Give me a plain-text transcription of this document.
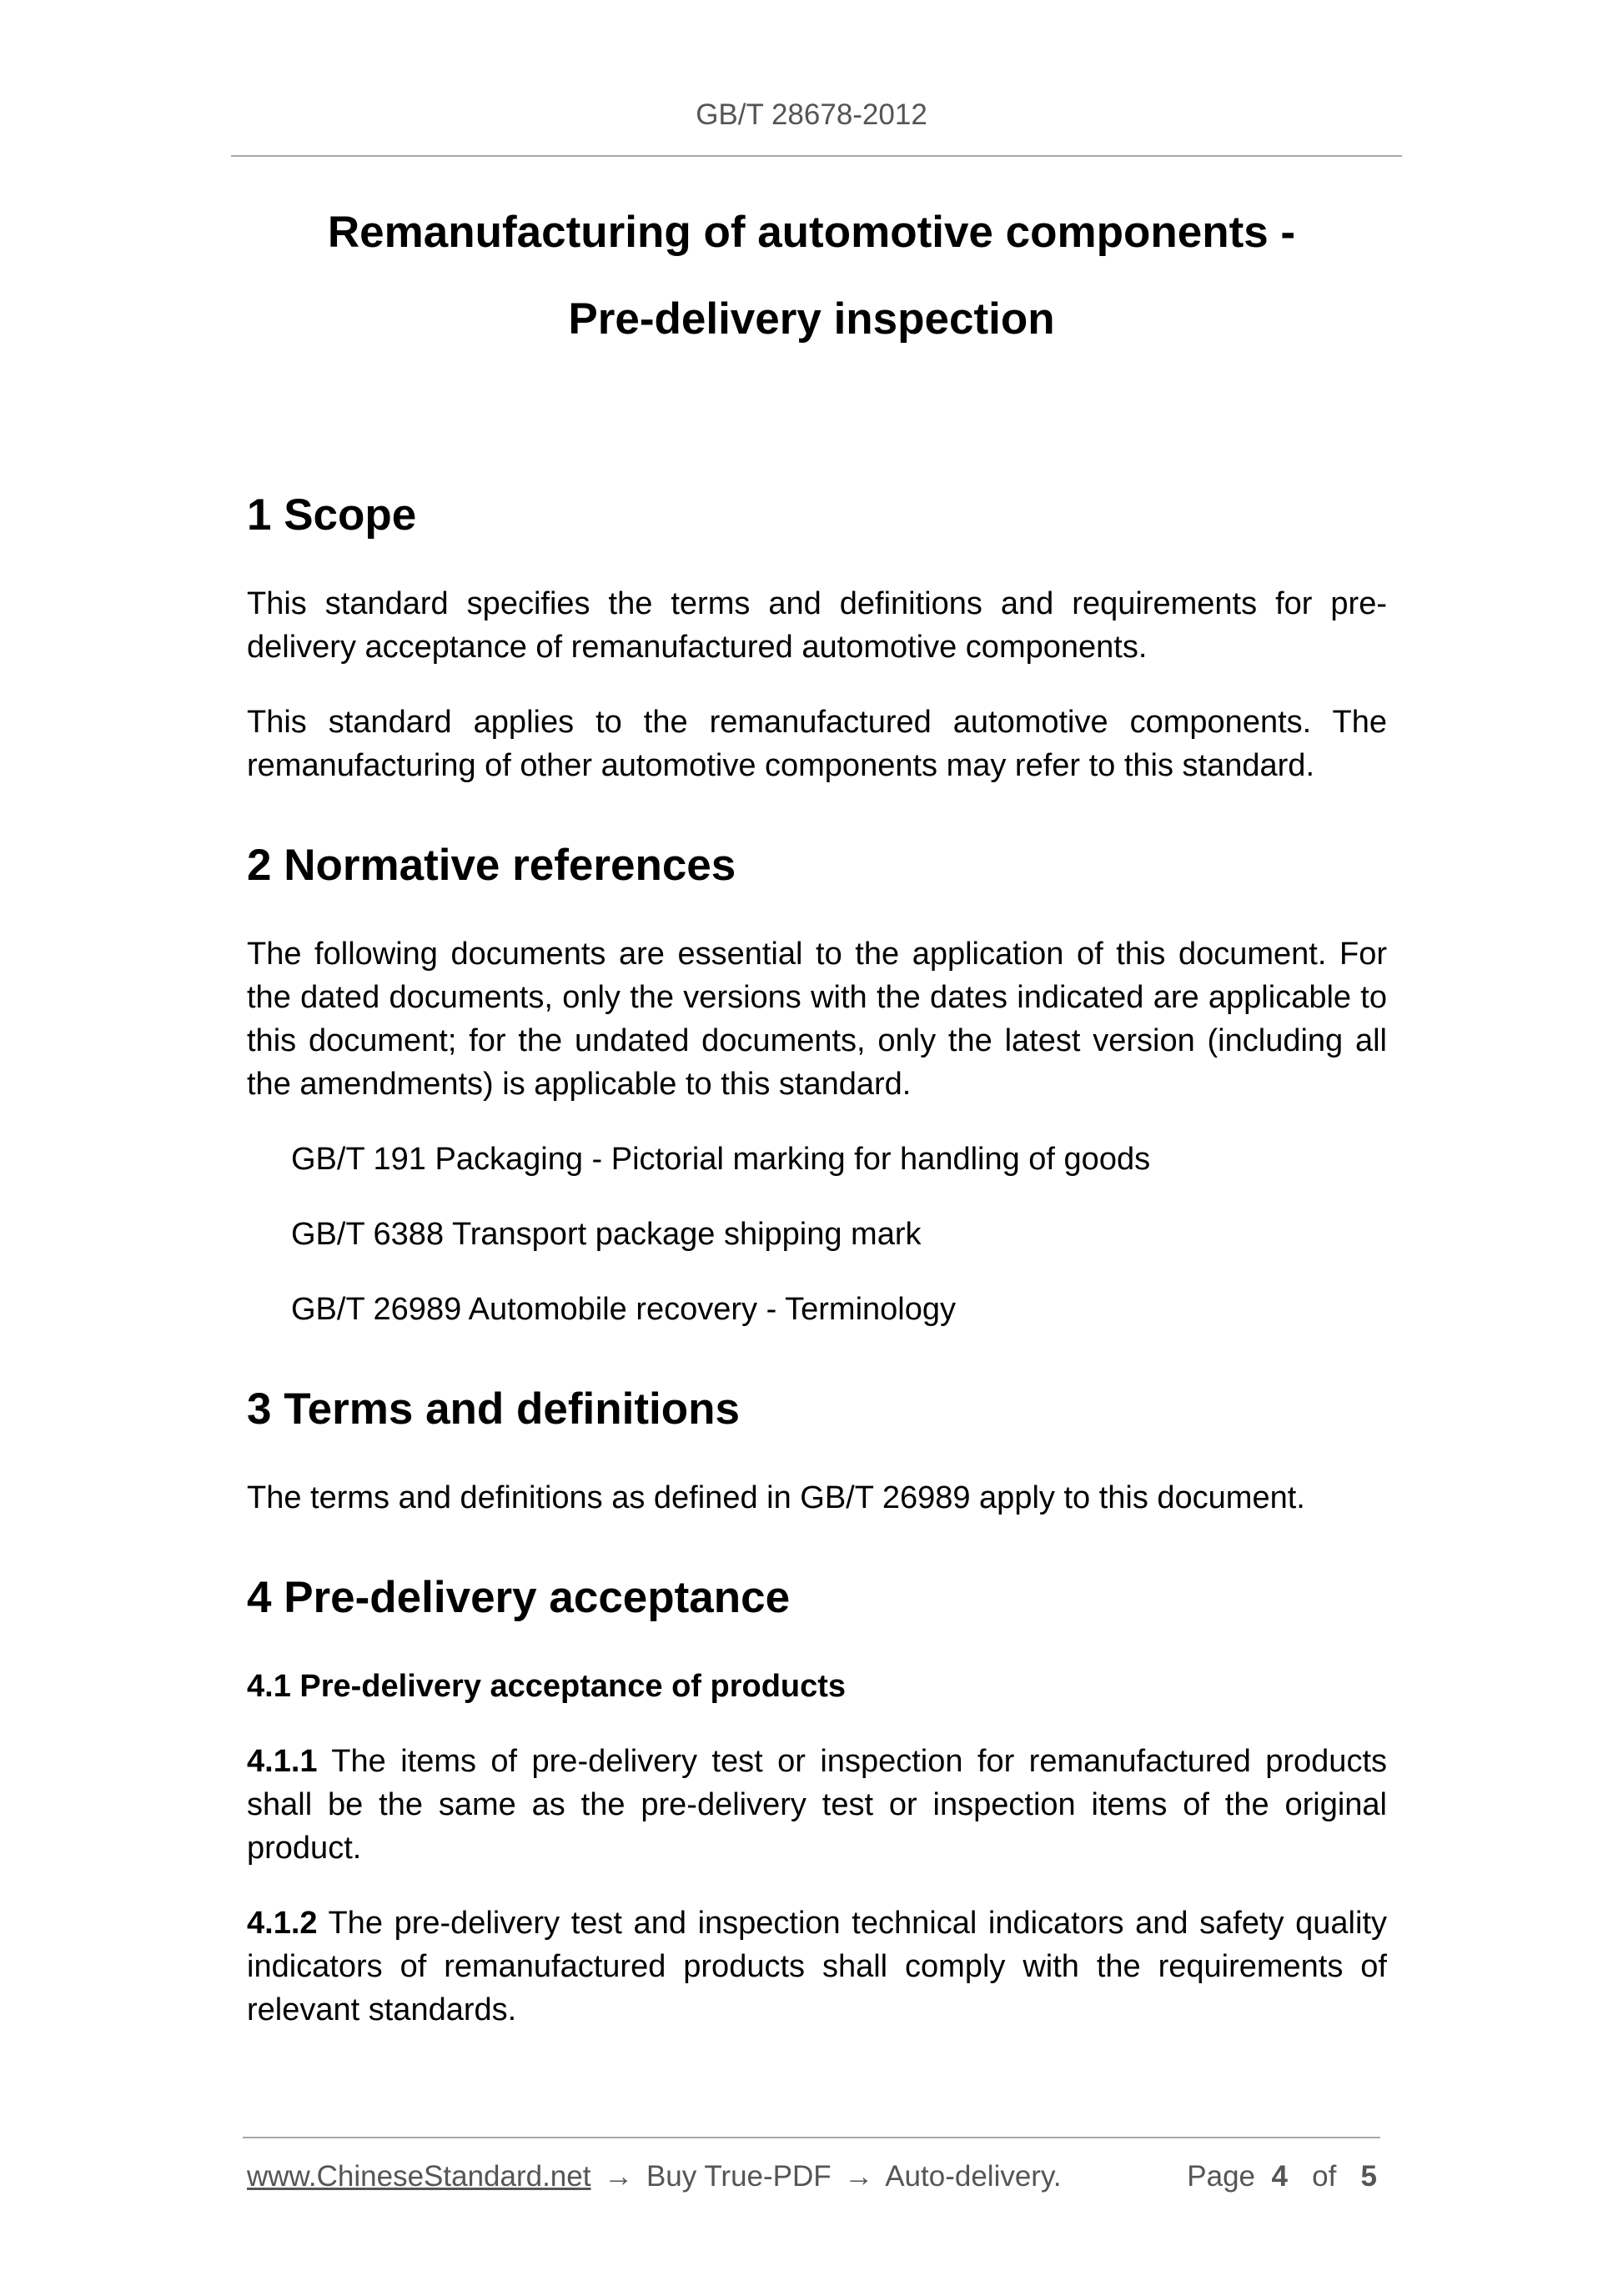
GB/T 28678-2012
Remanufacturing of automotive components -
Pre-delivery inspection
1 Scope

This standard specifies the terms and definitions and requirements for pre-delivery acceptance of remanufactured automotive components.

This standard applies to the remanufactured automotive components. The remanufacturing of other automotive components may refer to this standard.

2 Normative references

The following documents are essential to the application of this document. For the dated documents, only the versions with the dates indicated are applicable to this document; for the undated documents, only the latest version (including all the amendments) is applicable to this standard.

GB/T 191 Packaging - Pictorial marking for handling of goods

GB/T 6388 Transport package shipping mark

GB/T 26989 Automobile recovery - Terminology

3 Terms and definitions

The terms and definitions as defined in GB/T 26989 apply to this document.

4 Pre-delivery acceptance
4.1 Pre-delivery acceptance of products

4.1.1 The items of pre-delivery test or inspection for remanufactured products shall be the same as the pre-delivery test or inspection items of the original product.

4.1.2 The pre-delivery test and inspection technical indicators and safety quality indicators of remanufactured products shall comply with the requirements of relevant standards.

www.ChineseStandard.net → Buy True-PDF → Auto-delivery.	Page 4 of 5
